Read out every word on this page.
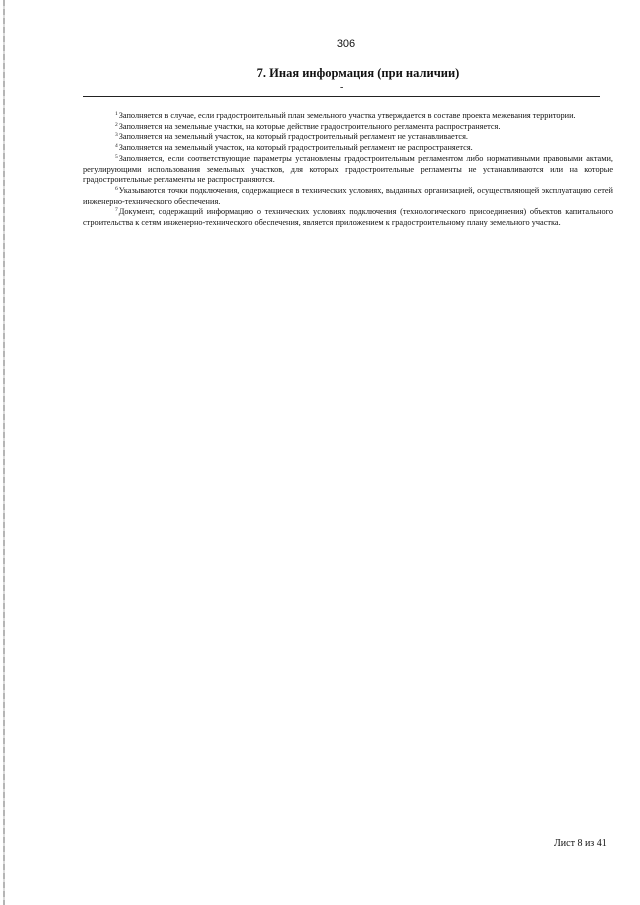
306
7. Иная информация (при наличии)
-

$^1$Заполняется в случае, если градостроительный план земельного участка утверждается в составе проекта межевания территории.

$^2$Заполняется на земельные участки, на которые действие градостроительного регламента распространяется.

$^3$Заполняется на земельный участок, на который градостроительный регламент не устанавливается.

$^4$Заполняется на земельный участок, на который градостроительный регламент не распространяется.

$^5$Заполняется, если соответствующие параметры установлены градостроительным регламентом либо нормативными правовыми актами, регулирующими использования земельных участков, для которых градостроительные регламенты не устанавливаются или на которые градостроительные регламенты не распространяются.

$^6$Указываются точки подключения, содержащиеся в технических условиях, выданных организацией, осуществляющей эксплуатацию сетей инженерно-технического обеспечения.

$^7$Документ, содержащий информацию о технических условиях подключения (технологического присоединения) объектов капитального строительства к сетям инженерно-технического обеспечения, является приложением к градостроительному плану земельного участка.

Лист 8 из 41
